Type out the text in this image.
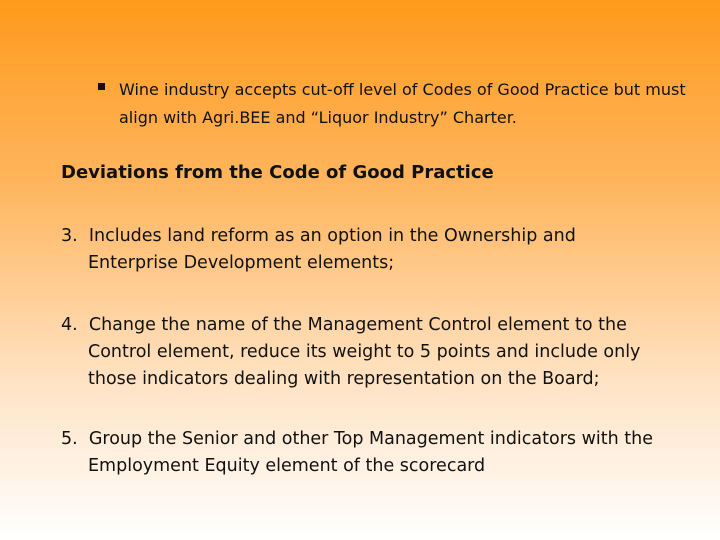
Wine industry accepts cut-off level of Codes of Good Practice but must
align with Agri.BEE and “Liquor Industry” Charter.
Deviations from the Code of Good Practice
3. Includes land reform as an option in the Ownership and
Enterprise Development elements;
4. Change the name of the Management Control element to the
Control element, reduce its weight to 5 points and include only
those indicators dealing with representation on the Board;
5. Group the Senior and other Top Management indicators with the
Employment Equity element of the scorecard
